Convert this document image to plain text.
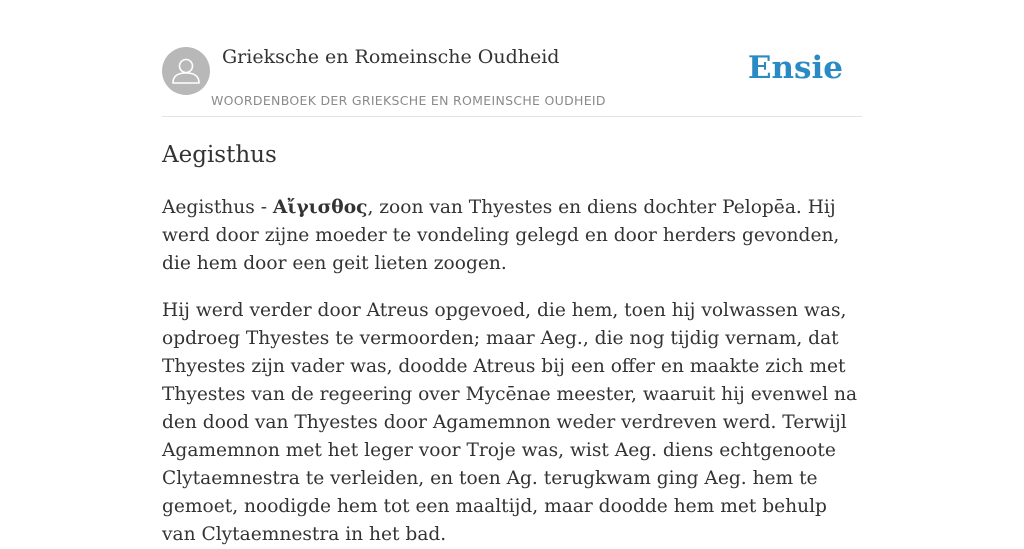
Grieksche en Romeinsche Oudheid
WOORDENBOEK DER GRIEKSCHE EN ROMEINSCHE OUDHEID
Ensie
Aegisthus

Aegisthus - Aἴγισθος, zoon van Thyestes en diens dochter Pelopēa. Hij werd door zijne moeder te vondeling gelegd en door herders gevonden, die hem door een geit lieten zoogen.

Hij werd verder door Atreus opgevoed, die hem, toen hij volwassen was, opdroeg Thyestes te vermoorden; maar Aeg., die nog tijdig vernam, dat Thyestes zijn vader was, doodde Atreus bij een offer en maakte zich met Thyestes van de regeering over Mycēnae meester, waaruit hij evenwel na den dood van Thyestes door Agamemnon weder verdreven werd. Terwijl Agamemnon met het leger voor Troje was, wist Aeg. diens echtgenoote Clytaemnestra te verleiden, en toen Ag. terugkwam ging Aeg. hem te gemoet, noodigde hem tot een maaltijd, maar doodde hem met behulp van Clytaemnestra in het bad.
